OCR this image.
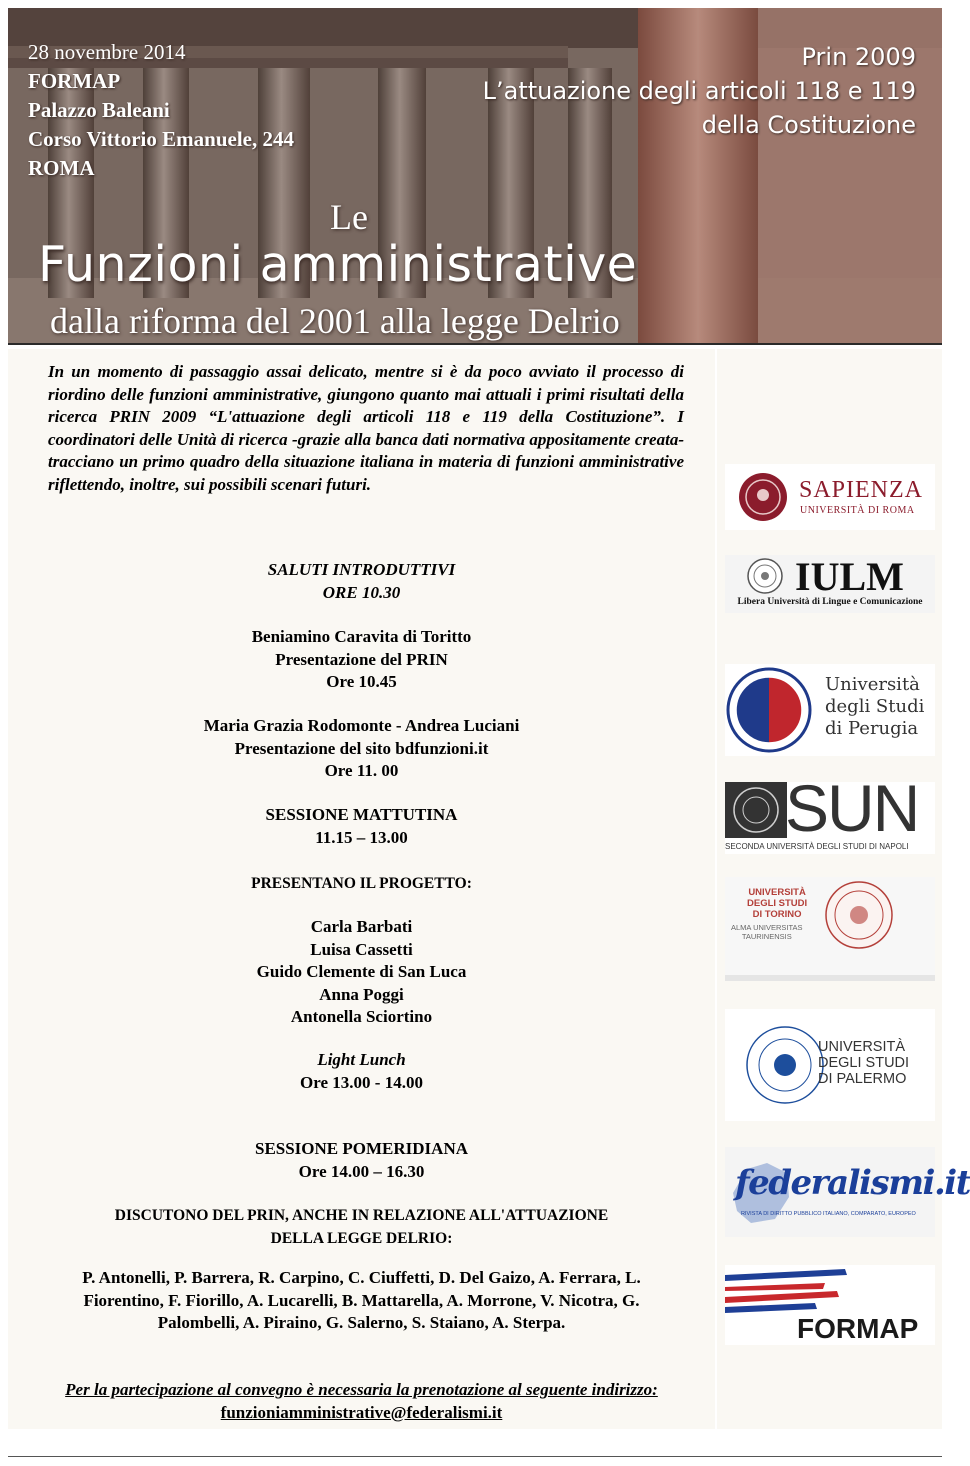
28 novembre 2014
FORMAP
Palazzo Baleani
Corso Vittorio Emanuele, 244
ROMA
Prin 2009
L’attuazione degli articoli 118 e 119
della Costituzione
Le
Funzioni amministrative
dalla riforma del 2001 alla legge Delrio
In un momento di passaggio assai delicato, mentre si è da poco avviato il processo di riordino delle funzioni amministrative, giungono quanto mai attuali i primi risultati della ricerca PRIN 2009 “L'attuazione degli articoli 118 e 119 della Costituzione”. I coordinatori delle Unità di ricerca -grazie alla banca dati normativa appositamente creata- tracciano un primo quadro della situazione italiana in materia di funzioni amministrative riflettendo, inoltre, sui possibili scenari futuri.
SALUTI INTRODUTTIVI
ORE 10.30
Beniamino Caravita di Toritto
Presentazione del PRIN
Ore 10.45
Maria Grazia Rodomonte - Andrea Luciani
Presentazione del sito bdfunzioni.it
Ore 11. 00
SESSIONE MATTUTINA
11.15 – 13.00
PRESENTANO IL PROGETTO:
Carla Barbati
Luisa Cassetti
Guido Clemente di San Luca
Anna Poggi
Antonella Sciortino
Light Lunch
Ore 13.00 - 14.00
SESSIONE POMERIDIANA
Ore 14.00 – 16.30
DISCUTONO DEL PRIN, ANCHE IN RELAZIONE ALL'ATTUAZIONE
DELLA LEGGE DELRIO:
P. Antonelli, P. Barrera, R. Carpino, C. Ciuffetti, D. Del Gaizo, A. Ferrara, L.
Fiorentino, F. Fiorillo, A. Lucarelli, B. Mattarella, A. Morrone, V. Nicotra, G.
Palombelli, A. Piraino, G. Salerno, S. Staiano, A. Sterpa.
Per la partecipazione al convegno è necessaria la prenotazione al seguente indirizzo:
funzioniamministrative@federalismi.it
SAPIENZA
UNIVERSITÀ DI ROMA
IULM
Libera Università di Lingue e Comunicazione
Università
degli Studi
di Perugia
SUN
SECONDA UNIVERSITÀ DEGLI STUDI DI NAPOLI
UNIVERSITÀ
DEGLI STUDI
DI TORINO
ALMA UNIVERSITAS
TAURINENSIS
UNIVERSITÀ
DEGLI STUDI
DI PALERMO
federalismi.it
RIVISTA DI DIRITTO PUBBLICO ITALIANO, COMPARATO, EUROPEO
FORMAP
